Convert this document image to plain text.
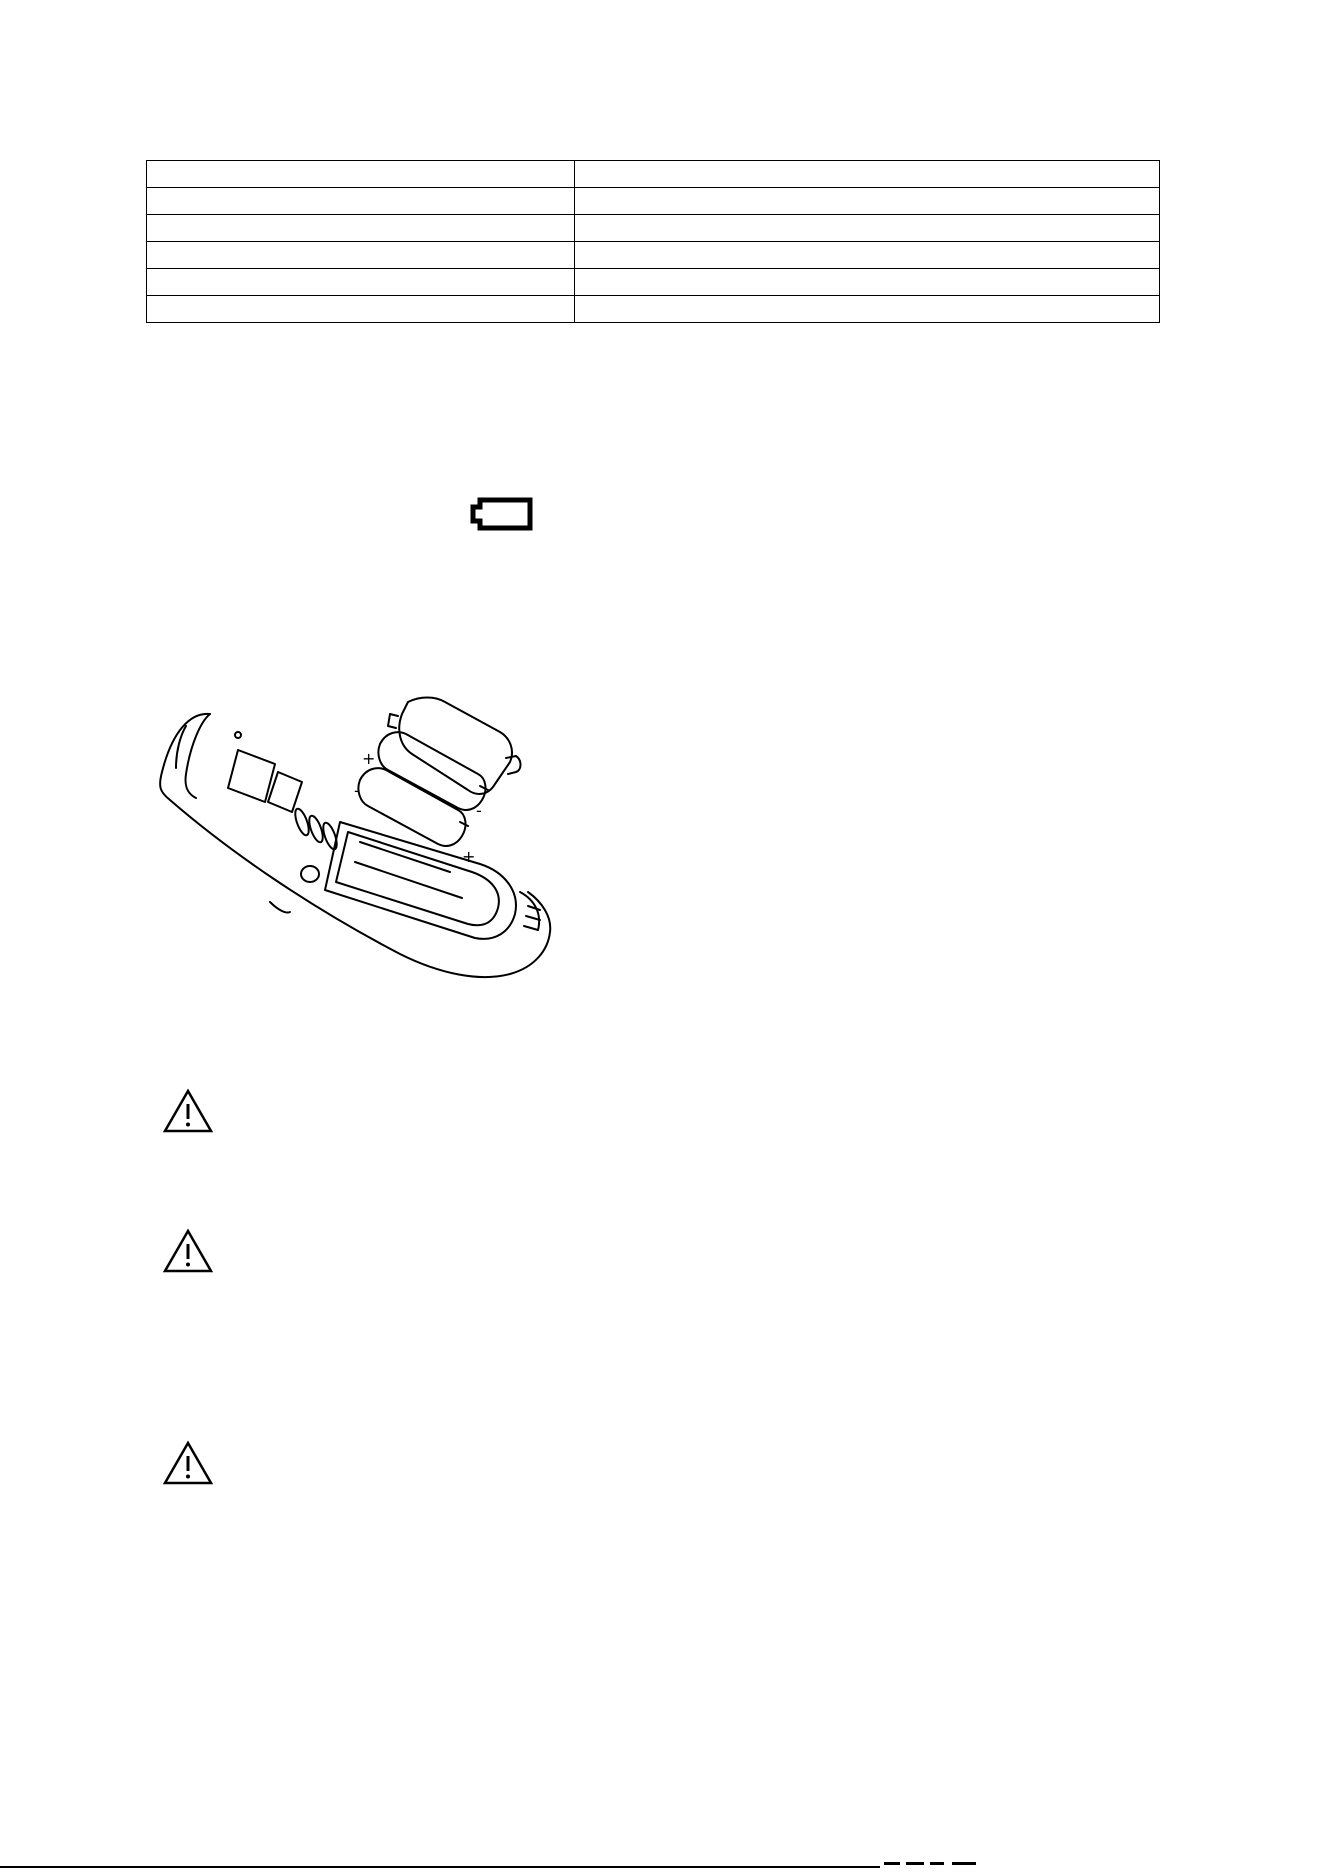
+
-
-
+
